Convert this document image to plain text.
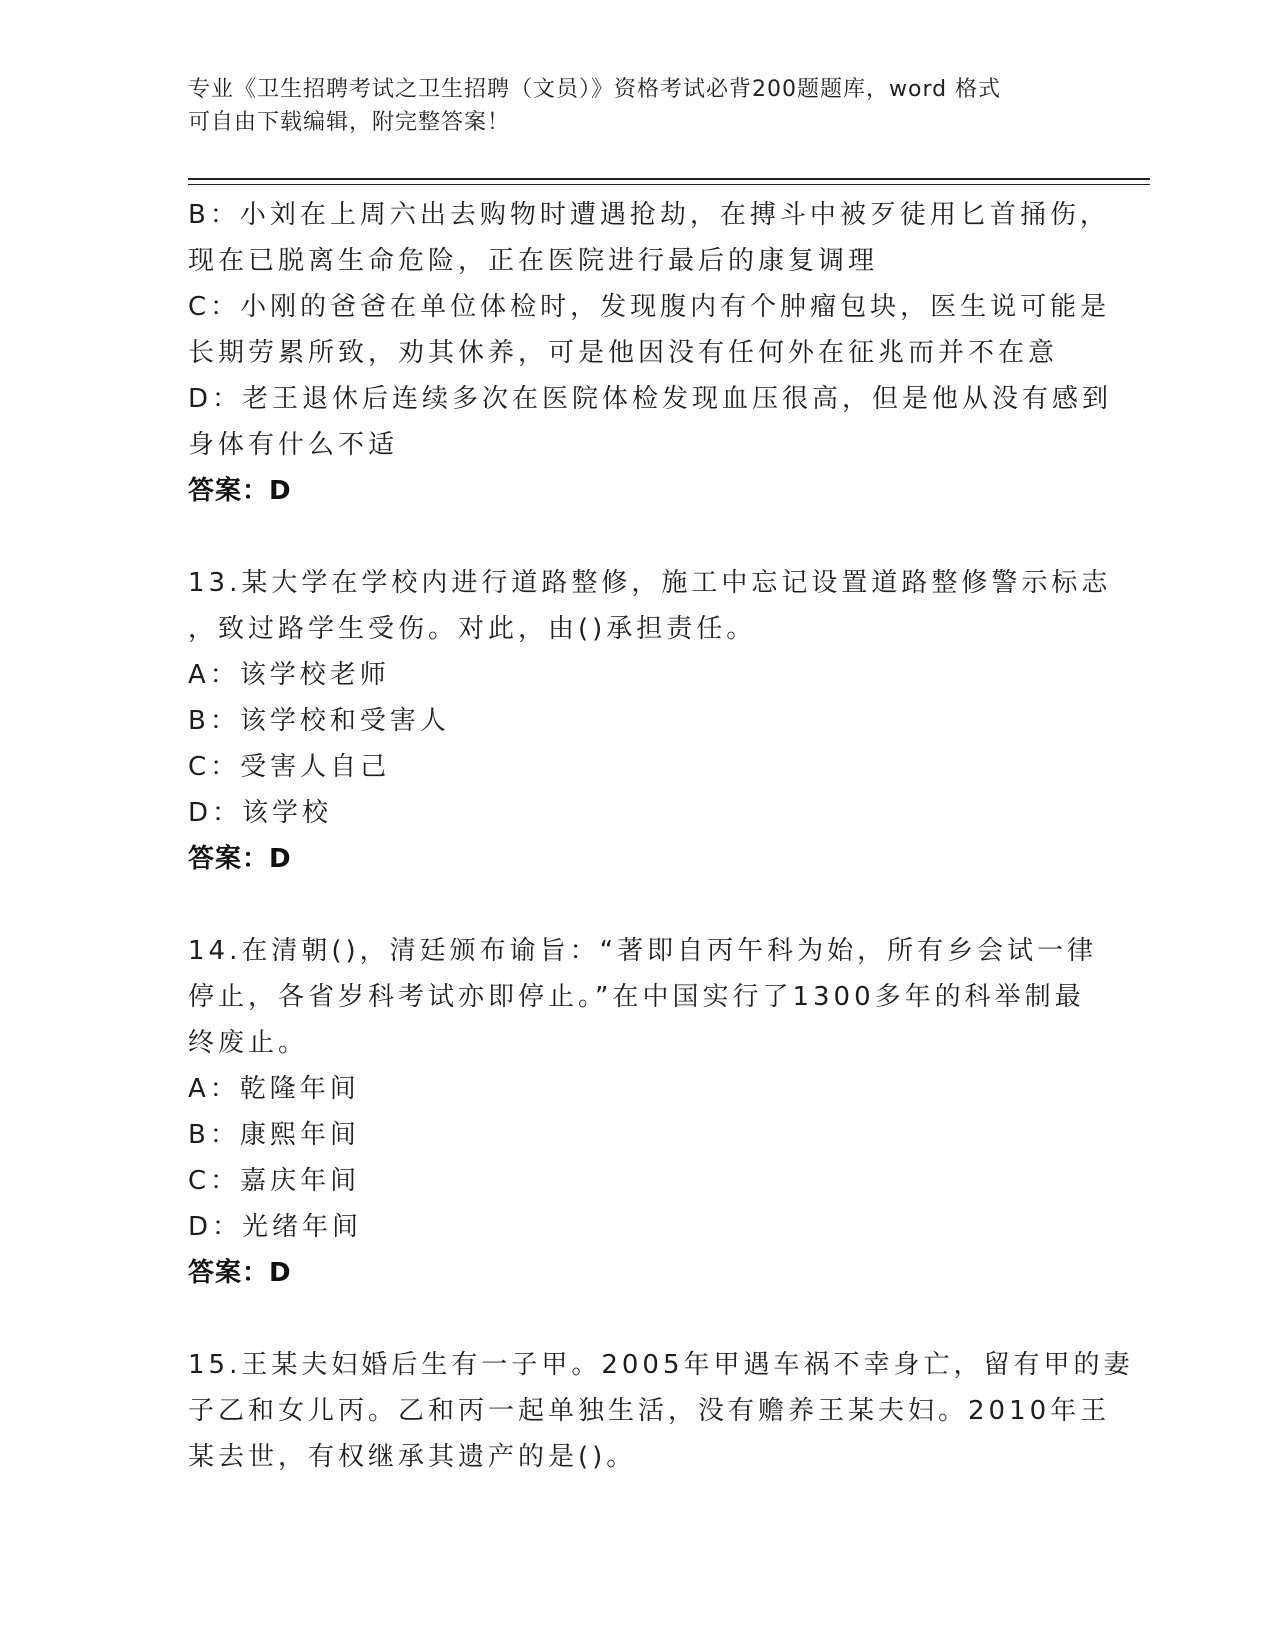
专业《卫生招聘考试之卫生招聘（文员）》资格考试必背200题题库，word 格式
可自由下载编辑，附完整答案！
B：小刘在上周六出去购物时遭遇抢劫，在搏斗中被歹徒用匕首捅伤，
现在已脱离生命危险，正在医院进行最后的康复调理
C：小刚的爸爸在单位体检时，发现腹内有个肿瘤包块，医生说可能是
长期劳累所致，劝其休养，可是他因没有任何外在征兆而并不在意
D：老王退休后连续多次在医院体检发现血压很高，但是他从没有感到
身体有什么不适
答案：D
13.某大学在学校内进行道路整修，施工中忘记设置道路整修警示标志
，致过路学生受伤。对此，由()承担责任。
A：该学校老师
B：该学校和受害人
C：受害人自己
D：该学校
答案：D
14.在清朝()，清廷颁布谕旨：“著即自丙午科为始，所有乡会试一律
停止，各省岁科考试亦即停止。”在中国实行了1300多年的科举制最
终废止。
A：乾隆年间
B：康熙年间
C：嘉庆年间
D：光绪年间
答案：D
15.王某夫妇婚后生有一子甲。2005年甲遇车祸不幸身亡，留有甲的妻
子乙和女儿丙。乙和丙一起单独生活，没有赡养王某夫妇。2010年王
某去世，有权继承其遗产的是()。
